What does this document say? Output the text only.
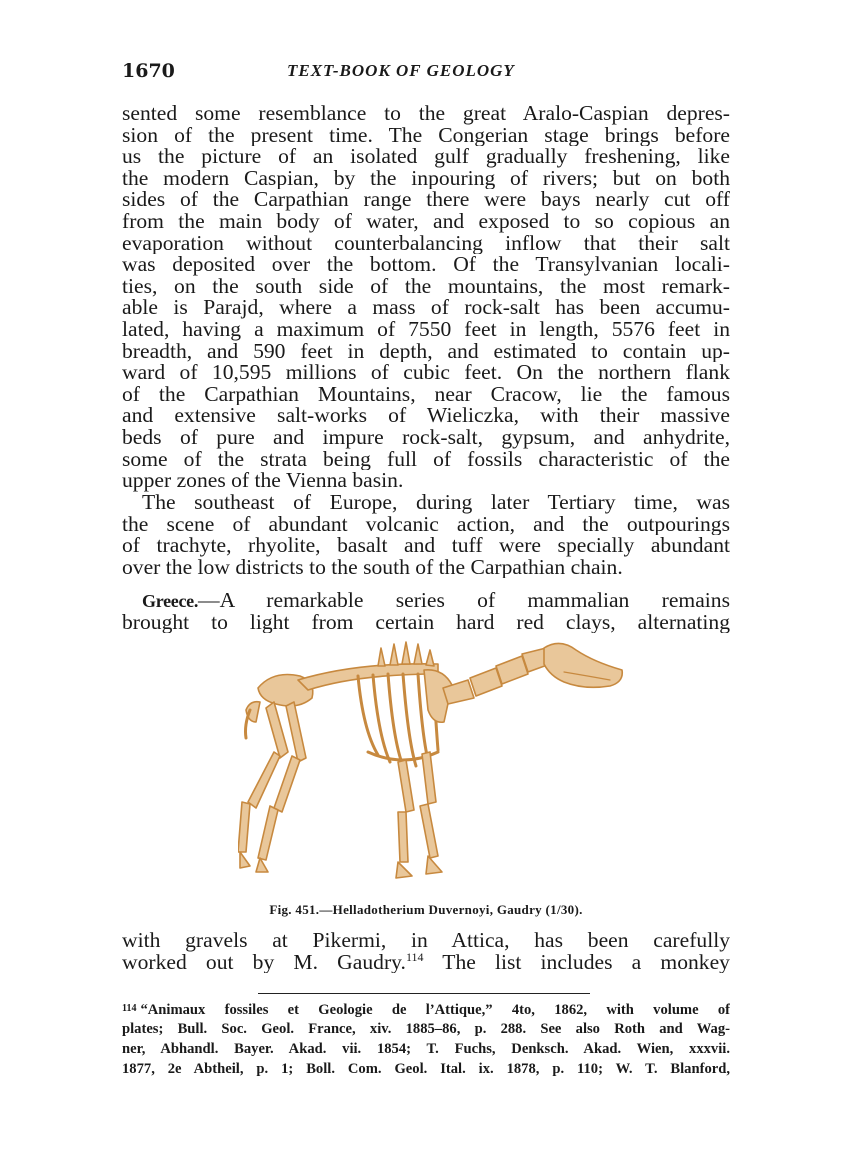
1670	TEXT-BOOK OF GEOLOGY
sented some resemblance to the great Aralo-Caspian depres-
sion of the present time. The Congerian stage brings before
us the picture of an isolated gulf gradually freshening, like
the modern Caspian, by the inpouring of rivers; but on both
sides of the Carpathian range there were bays nearly cut off
from the main body of water, and exposed to so copious an
evaporation without counterbalancing inflow that their salt
was deposited over the bottom. Of the Transylvanian locali-
ties, on the south side of the mountains, the most remark-
able is Parajd, where a mass of rock-salt has been accumu-
lated, having a maximum of 7550 feet in length, 5576 feet in
breadth, and 590 feet in depth, and estimated to contain up-
ward of 10,595 millions of cubic feet. On the northern flank
of the Carpathian Mountains, near Cracow, lie the famous
and extensive salt-works of Wieliczka, with their massive
beds of pure and impure rock-salt, gypsum, and anhydrite,
some of the strata being full of fossils characteristic of the
upper zones of the Vienna basin.
The southeast of Europe, during later Tertiary time, was
the scene of abundant volcanic action, and the outpourings
of trachyte, rhyolite, basalt and tuff were specially abundant
over the low districts to the south of the Carpathian chain.
Greece.—A remarkable series of mammalian remains
brought to light from certain hard red clays, alternating
Fig. 451.—Helladotherium Duvernoyi, Gaudry (1/30).
with gravels at Pikermi, in Attica, has been carefully
worked out by M. Gaudry.$^{114}$ The list includes a monkey
$^{114}$ “Animaux fossiles et Geologie de l’Attique,” 4to, 1862, with volume of
plates; Bull. Soc. Geol. France, xiv. 1885–86, p. 288. See also Roth and Wag-
ner, Abhandl. Bayer. Akad. vii. 1854; T. Fuchs, Denksch. Akad. Wien, xxxvii.
1877, 2e Abtheil, p. 1; Boll. Com. Geol. Ital. ix. 1878, p. 110; W. T. Blanford,
